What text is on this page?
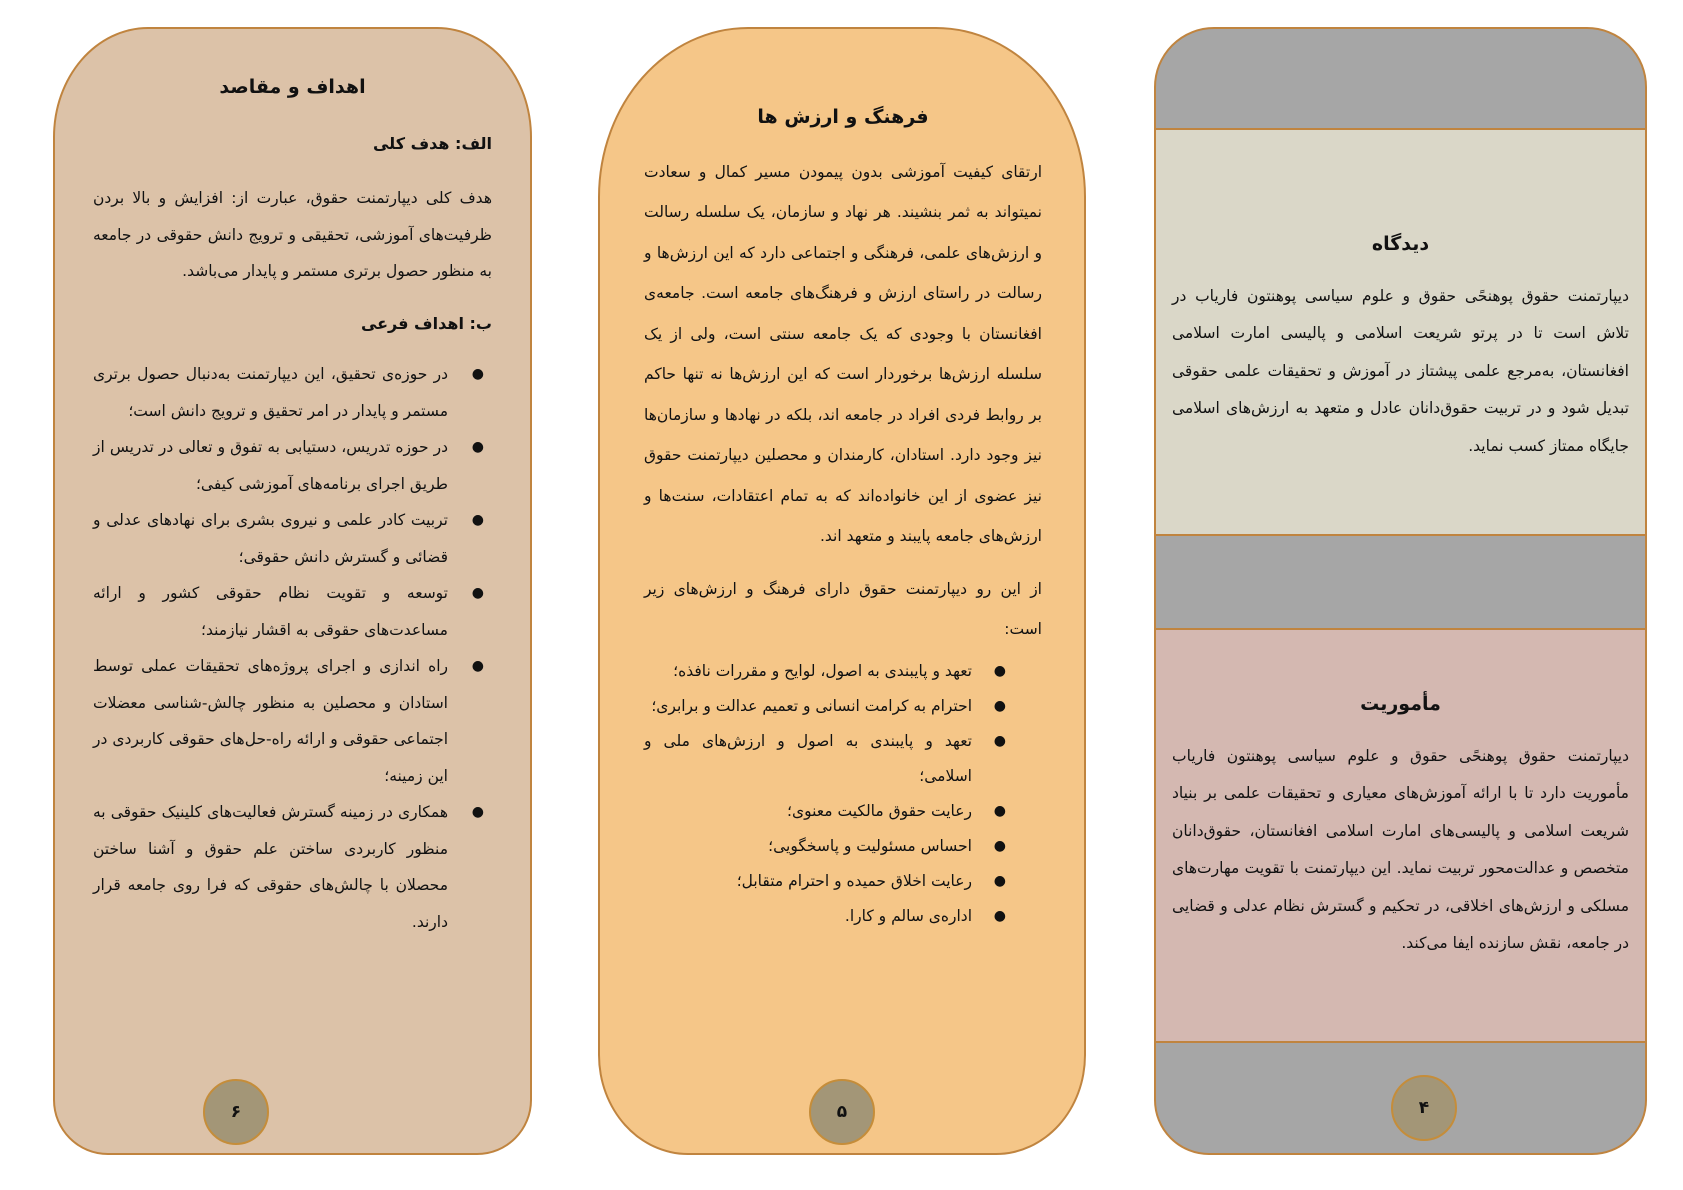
اهداف و مقاصد

الف: هدف کلی

هدف کلی دیپارتمنت حقوق، عبارت از: افزایش و بالا بردن ظرفیت‌های آموزشی، تحقیقی و ترویج دانش حقوقی در جامعه به منظور حصول برتری مستمر و پایدار می‌باشد.

ب: اهداف فرعی

●
در حوزه‌ی تحقیق، این دیپارتمنت به‌دنبال حصول برتری مستمر و پایدار در امر تحقیق و ترویج دانش است؛
●
در حوزه تدریس، دستیابی به تفوق و تعالی در تدریس از طریق اجرای برنامه‌های آموزشی کیفی؛
●
تربیت کادر علمی و نیروی بشری برای نهادهای عدلی و قضائی و گسترش دانش حقوقی؛
●
توسعه و تقویت نظام حقوقی کشور و ارائه مساعدت‌های حقوقی به اقشار نیازمند؛
●
راه اندازی و اجرای پروژه‌های تحقیقات عملی توسط استادان و محصلین به منظور چالش-شناسی معضلات اجتماعی حقوقی و ارائه راه-حل‌های حقوقی کاربردی در این زمینه؛
●
همکاری در زمینه گسترش فعالیت‌های کلینیک حقوقی به منظور کاربردی ساختن علم حقوق و آشنا ساختن محصلان با چالش‌های حقوقی که فرا روی جامعه قرار دارند.
۶
فرهنگ و ارزش ها

ارتقای کیفیت آموزشی بدون پیمودن مسیر کمال و سعادت نمیتواند به ثمر بنشیند. هر نهاد و سازمان، یک سلسله رسالت و ارزش‌های علمی، فرهنگی و اجتماعی دارد که این ارزش‌ها و رسالت در راستای ارزش و فرهنگ‌های جامعه است. جامعه‌ی افغانستان با وجودی که یک جامعه سنتی است، ولی از یک سلسله ارزش‌ها برخوردار است که این ارزش‌ها نه تنها حاکم بر روابط فردی افراد در جامعه اند، بلکه در نهادها و سازمان‌ها نیز وجود دارد. استادان، کارمندان و محصلین دیپارتمنت حقوق نیز عضوی از این خانواده‌اند که به تمام اعتقادات، سنت‌ها و ارزش‌های جامعه پایبند و متعهد اند.

از این رو دیپارتمنت حقوق دارای فرهنگ و ارزش‌های زیر است:

●
تعهد و پایبندی به اصول، لوایح و مقررات نافذه؛
●
احترام به کرامت انسانی و تعمیم عدالت و برابری؛
●
تعهد و پایبندی به اصول و ارزش‌های ملی و اسلامی؛
●
رعایت حقوق مالکیت معنوی؛
●
احساس مسئولیت و پاسخگویی؛
●
رعایت اخلاق حمیده و احترام متقابل؛
●
اداره‌ی سالم و کارا.
۵
دیدگاه

دیپارتمنت حقوق پوهنحًی حقوق و علوم سیاسی پوهنتون فاریاب در تلاش است تا در پرتو شریعت اسلامی و پالیسی امارت اسلامی افغانستان، به‌مرجع علمی پیشتاز در آموزش و تحقیقات علمی حقوقی تبدیل شود و در تربیت حقوق‌دانان عادل و متعهد به ارزش‌های اسلامی جایگاه ممتاز کسب نماید.

مأموریت

دیپارتمنت حقوق پوهنحًی حقوق و علوم سیاسی پوهنتون فاریاب مأموریت دارد تا با ارائه آموزش‌های معیاری و تحقیقات علمی بر بنیاد شریعت اسلامی و پالیسی‌های امارت اسلامی افغانستان، حقوق‌دانان متخصص و عدالت‌محور تربیت نماید. این دیپارتمنت با تقویت مهارت‌های مسلکی و ارزش‌های اخلاقی، در تحکیم و گسترش نظام عدلی و قضایی در جامعه، نقش سازنده ایفا می‌کند.

۴
